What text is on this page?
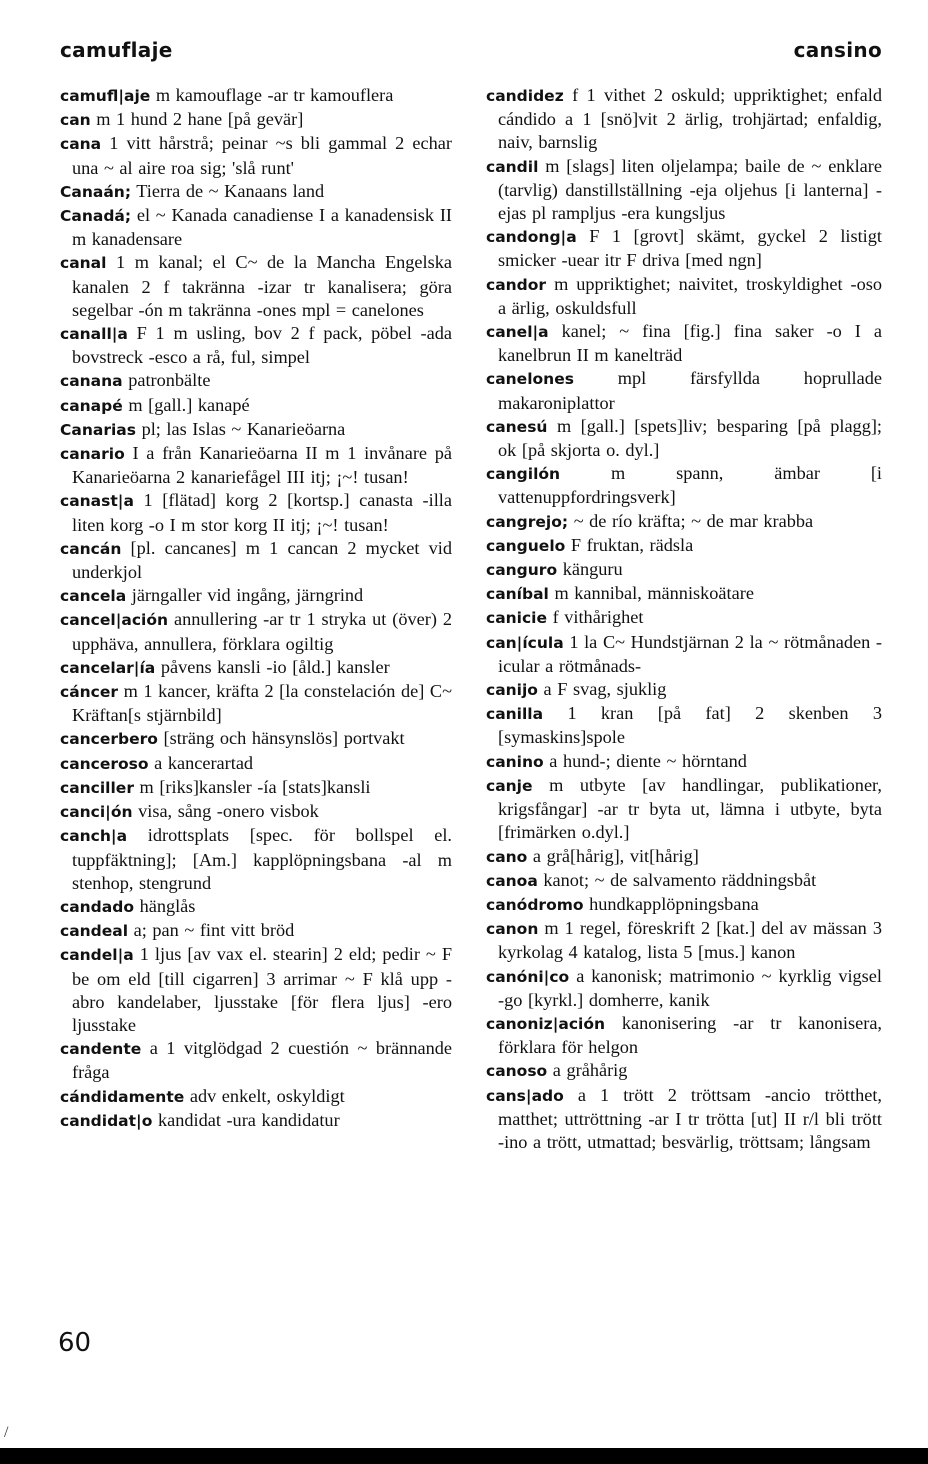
camuflaje	cansino
camufl|aje m kamouflage -ar tr kamouflera
can m 1 hund 2 hane [på gevär]
cana 1 vitt hårstrå; peinar ~s bli gammal 2 echar una ~ al aire roa sig; 'slå runt'
Canaán; Tierra de ~ Kanaans land
Canadá; el ~ Kanada canadiense I a kanadensisk II m kanadensare
canal 1 m kanal; el C~ de la Mancha Engelska kanalen 2 f takränna -izar tr kanalisera; göra segelbar -ón m takränna -ones mpl = canelones
canall|a F 1 m usling, bov 2 f pack, pöbel -ada bovstreck -esco a rå, ful, simpel
canana patronbälte
canapé m [gall.] kanapé
Canarias pl; las Islas ~ Kanarieöarna
canario I a från Kanarieöarna II m 1 invånare på Kanarieöarna 2 kanariefågel III itj; ¡~! tusan!
canast|a 1 [flätad] korg 2 [kortsp.] canasta -illa liten korg -o I m stor korg II itj; ¡~! tusan!
cancán [pl. cancanes] m 1 cancan 2 mycket vid underkjol
cancela järngaller vid ingång, järngrind
cancel|ación annullering -ar tr 1 stryka ut (över) 2 upphäva, annullera, förklara ogiltig
cancelar|ía påvens kansli -io [åld.] kansler
cáncer m 1 kancer, kräfta 2 [la constelación de] C~ Kräftan[s stjärnbild]
cancerbero [sträng och hänsynslös] portvakt
canceroso a kancerartad
canciller m [riks]kansler -ía [stats]kansli
canci|ón visa, sång -onero visbok
canch|a idrottsplats [spec. för bollspel el. tuppfäktning]; [Am.] kapplöpningsbana -al m stenhop, stengrund
candado hänglås
candeal a; pan ~ fint vitt bröd
candel|a 1 ljus [av vax el. stearin] 2 eld; pedir ~ F be om eld [till cigarren] 3 arrimar ~ F klå upp -abro kandelaber, ljusstake [för flera ljus] -ero ljusstake
candente a 1 vitglödgad 2 cuestión ~ brännande fråga
cándidamente adv enkelt, oskyldigt
candidat|o kandidat -ura kandidatur
candidez f 1 vithet 2 oskuld; uppriktighet; enfald cándido a 1 [snö]vit 2 ärlig, trohjärtad; enfaldig, naiv, barnslig
candil m [slags] liten oljelampa; baile de ~ enklare (tarvlig) danstillställning -eja oljehus [i lanterna] -ejas pl rampljus -era kungsljus
candong|a F 1 [grovt] skämt, gyckel 2 listigt smicker -uear itr F driva [med ngn]
candor m uppriktighet; naivitet, troskyldighet -oso a ärlig, oskuldsfull
canel|a kanel; ~ fina [fig.] fina saker -o I a kanelbrun II m kanelträd
canelones mpl färsfyllda hoprullade makaroniplattor
canesú m [gall.] [spets]liv; besparing [på plagg]; ok [på skjorta o. dyl.]
cangilón	m spann, ämbar [i vattenuppfordringsverk]
cangrejo; ~ de río kräfta; ~ de mar krabba
canguelo F fruktan, rädsla
canguro känguru
caníbal m kannibal, människoätare
canicie f vithårighet
can|ícula 1 la C~ Hundstjärnan 2 la ~ rötmånaden -icular a rötmånads-
canijo a F svag, sjuklig
canilla 1 kran [på fat] 2 skenben 3 [symaskins]spole
canino a hund-; diente ~ hörntand
canje m utbyte [av handlingar, publikationer, krigsfångar] -ar tr byta ut, lämna i utbyte, byta [frimärken o.dyl.]
cano a grå[hårig], vit[hårig]
canoa kanot; ~ de salvamento räddningsbåt
canódromo hundkapplöpningsbana
canon m 1 regel, föreskrift 2 [kat.] del av mässan 3 kyrkolag 4 katalog, lista 5 [mus.] kanon
canóni|co a kanonisk; matrimonio ~ kyrklig vigsel -go [kyrkl.] domherre, kanik
canoniz|ación kanonisering -ar tr kanonisera, förklara för helgon
canoso a gråhårig
cans|ado a 1 trött 2 tröttsam -ancio trötthet, matthet; uttröttning -ar I tr trötta [ut] II r/l bli trött -ino a trött, utmattad; besvärlig, tröttsam; långsam
60
/
